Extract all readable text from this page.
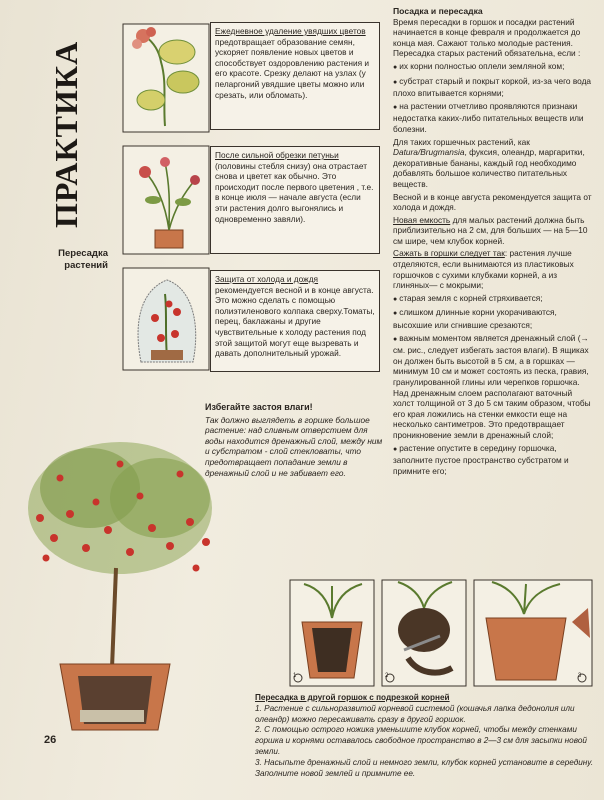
ПРАКТИКА
Пересадка
растений
Ежедневное удаление увядших цветов предотвращает образование семян, ускоряет появление новых цветов и способствует оздоровлению растения и его красоте. Срезку делают на узлах (у пеларгоний увядшие цветы можно или срезать, или обломать).
После сильной обрезки петуньи (половины стебля снизу) она отрастает снова и цветет как обычно. Это происходит после первого цветения , т.е. в конце июля — начале августа (если эти растения долго выгонялись и одновременно завяли).
Защита от холода и дождя рекомендуется весной и в конце августа. Это можно сделать с помощью полиэтиленового колпака сверху.Томаты, перец, баклажаны и другие чувствительные к холоду растения под этой защитой могут еще вызревать и давать дополнительный урожай.
Избегайте застоя влаги!
Так должно выглядеть в горшке большое растение: над сливным отверстием для воды находится дренажный слой, между ним и субстратом - слой стекловаты, что предотвращает попадание земли в дренажный слой и не забивает его.
Посадка и пересадка

Время пересадки в горшок и посадки растений начинается в конце февраля и продолжается до конца мая. Сажают только молодые растения. Пересадка старых растений обязательна, если :

● их корни полностью оплели земляной ком;

● субстрат старый и покрыт коркой, из-за чего вода плохо впитывается корнями;

● на растении отчетливо проявляются признаки недостатка каких-либо питательных веществ или болезни.

Для таких горшечных растений, как Datura/Brugmansia, фуксия, олеандр, маргаритки, декоративные бананы, каждый год необходимо добавлять большое количество питательных веществ.

Весной и в конце августа рекомендуется защита от холода и дождя.

Новая емкость для малых растений должна быть приблизительно на 2 см, для больших — на 5—10 см шире, чем клубок корней.

Сажать в горшки следует так: растения лучше отделяются, если вынимаются из пластиковых горшочков с сухими клубками корней, а из глиняных— с мокрыми;

● старая земля с корней стряхивается;

● слишком длинные корни укорачиваются, высохшие или сгнившие срезаются;

● важным моментом является дренажный слой (→ см. рис., следует избегать застоя влаги). В ящиках он должен быть высотой в 5 см, а в горшках — минимум 10 см и может состоять из песка, гравия, гранулированной глины или черепков горшочка. Над дренажным слоем располагают ваточный холст толщиной от 3 до 5 см таким образом, чтобы его края ложились на стенки емкости еще на несколько сантиметров. Это предотвращает проникновение земли в дренажный слой;

● растение опустите в середину горшочка, заполните пустое пространство субстратом и примните его;

1	2	3
Пересадка в другой горшок с подрезкой корней
1. Растение с сильноразвитой корневой системой (кошачья лапка дедонолия или олеандр) можно пересаживать сразу в другой горшок.
2. С помощью острого ножика уменьшите клубок корней, чтобы между стенками горшка и корнями оставалось свободное пространство в 2—3 см для засыпки новой земли.
3. Насыпьте дренажный слой и немного земли, клубок корней установите в середину. Заполните новой землей и примните ее.
26
